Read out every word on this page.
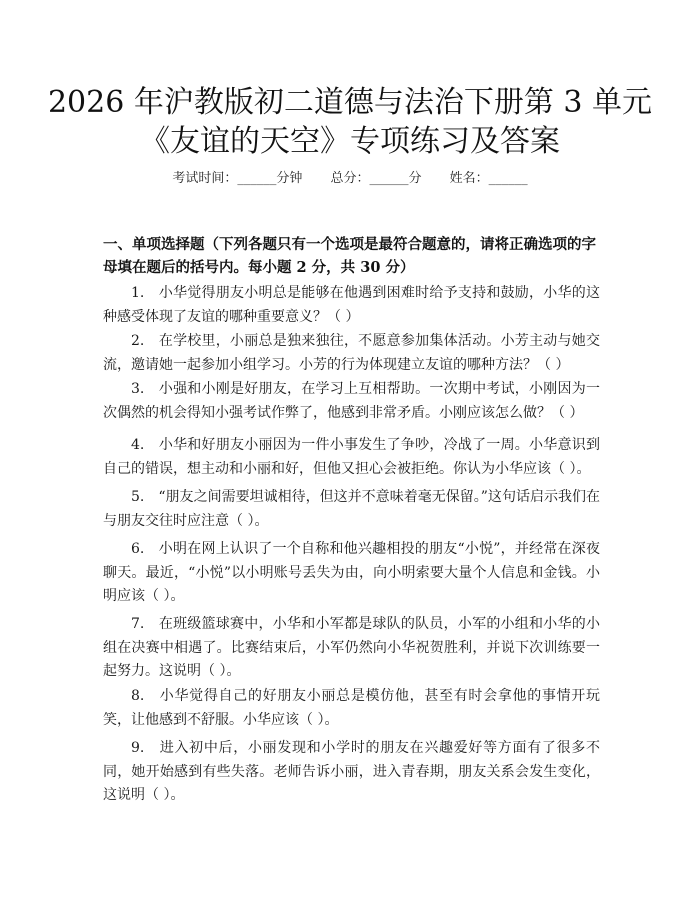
2026 年沪教版初二道德与法治下册第 3 单元
《友谊的天空》专项练习及答案
考试时间：______分钟 总分：______分 姓名：______
一、单项选择题（下列各题只有一个选项是最符合题意的，请将正确选项的字母填在题后的括号内。每小题 2 分，共 30 分）
1.　小华觉得朋友小明总是能够在他遇到困难时给予支持和鼓励，小华的这种感受体现了友谊的哪种重要意义？（ ）
2.　在学校里，小丽总是独来独往，不愿意参加集体活动。小芳主动与她交流，邀请她一起参加小组学习。小芳的行为体现建立友谊的哪种方法？（ ）
3.　小强和小刚是好朋友，在学习上互相帮助。一次期中考试，小刚因为一次偶然的机会得知小强考试作弊了，他感到非常矛盾。小刚应该怎么做？（ ）
4.　小华和好朋友小丽因为一件小事发生了争吵，冷战了一周。小华意识到自己的错误，想主动和小丽和好，但他又担心会被拒绝。你认为小华应该（ ）。
5.　“朋友之间需要坦诚相待，但这并不意味着毫无保留。”这句话启示我们在与朋友交往时应注意（ ）。
6.　小明在网上认识了一个自称和他兴趣相投的朋友“小悦”，并经常在深夜聊天。最近，“小悦”以小明账号丢失为由，向小明索要大量个人信息和金钱。小明应该（ ）。
7.　在班级篮球赛中，小华和小军都是球队的队员，小军的小组和小华的小组在决赛中相遇了。比赛结束后，小军仍然向小华祝贺胜利，并说下次训练要一起努力。这说明（ ）。
8.　小华觉得自己的好朋友小丽总是模仿他，甚至有时会拿他的事情开玩笑，让他感到不舒服。小华应该（ ）。
9.　进入初中后，小丽发现和小学时的朋友在兴趣爱好等方面有了很多不同，她开始感到有些失落。老师告诉小丽，进入青春期，朋友关系会发生变化，这说明（ ）。
